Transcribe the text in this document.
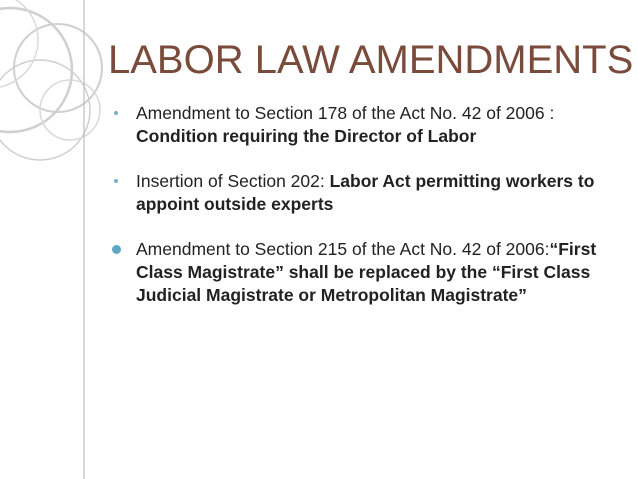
LABOR LAW AMENDMENTS
Amendment to Section 178 of the Act No. 42 of 2006 : Condition requiring the Director of Labor
Insertion of Section 202: Labor Act permitting workers to appoint outside experts
Amendment to Section 215 of the Act No. 42 of 2006:“First Class Magistrate” shall be replaced by the “First Class Judicial Magistrate or Metropolitan Magistrate”
